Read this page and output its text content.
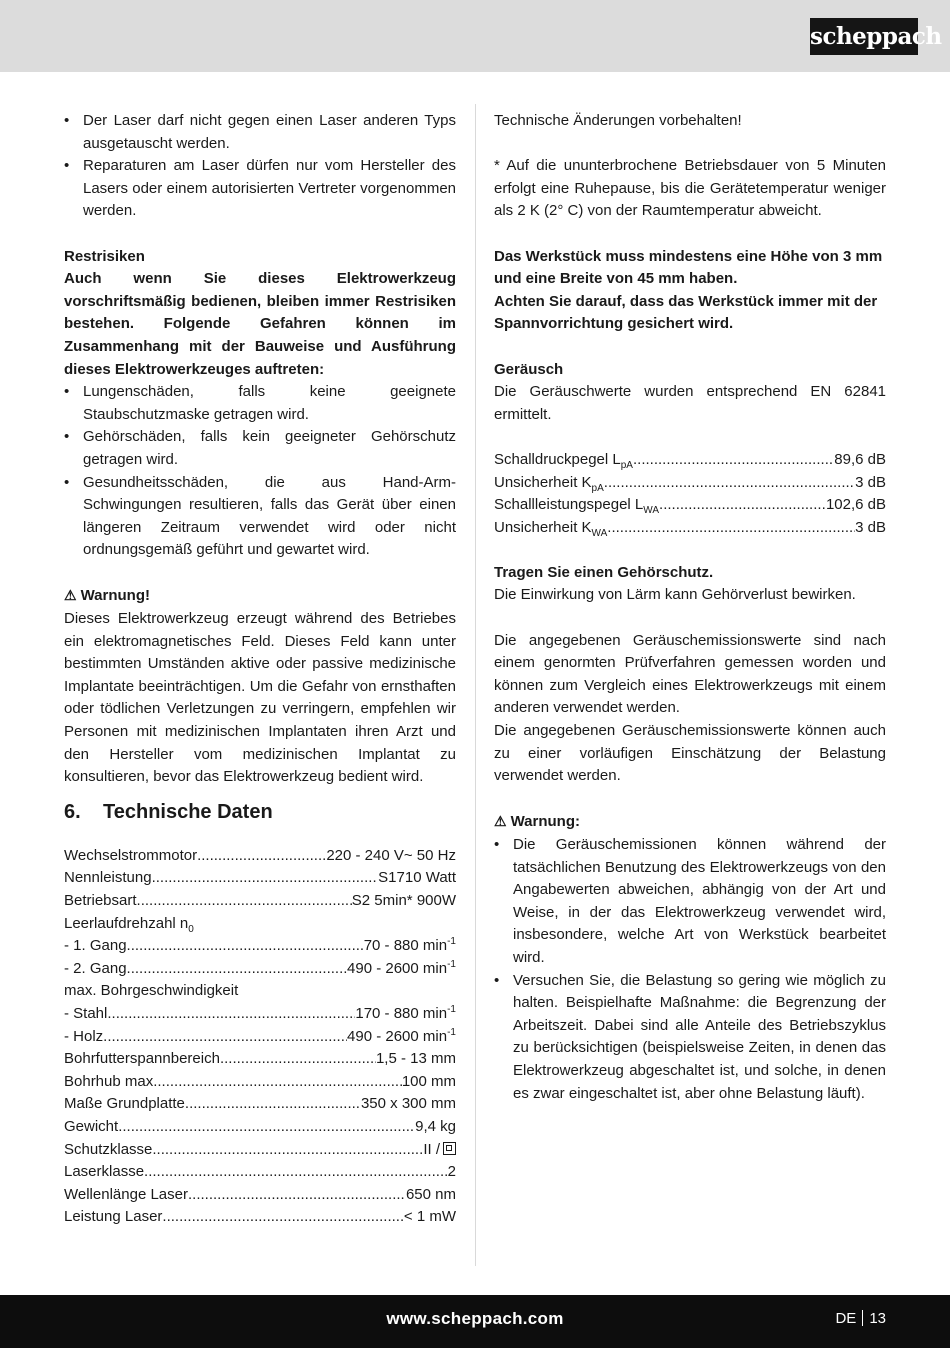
scheppach
• Der Laser darf nicht gegen einen Laser anderen Typs ausgetauscht werden.
• Reparaturen am Laser dürfen nur vom Hersteller des Lasers oder einem autorisierten Vertreter vorgenommen werden.

Restrisiken

Auch wenn Sie dieses Elektrowerkzeug vorschriftsmäßig bedienen, bleiben immer Restrisiken bestehen. Folgende Gefahren können im Zusammenhang mit der Bauweise und Ausführung dieses Elektrowerkzeuges auftreten:

• Lungenschäden, falls keine geeignete Staubschutzmaske getragen wird.
• Gehörschäden, falls kein geeigneter Gehörschutz getragen wird.
• Gesundheitsschäden, die aus Hand-Arm-Schwingungen resultieren, falls das Gerät über einen längeren Zeitraum verwendet wird oder nicht ordnungsgemäß geführt und gewartet wird.

⚠ Warnung!

Dieses Elektrowerkzeug erzeugt während des Betriebes ein elektromagnetisches Feld. Dieses Feld kann unter bestimmten Umständen aktive oder passive medizinische Implantate beeinträchtigen. Um die Gefahr von ernsthaften oder tödlichen Verletzungen zu verringern, empfehlen wir Personen mit medizinischen Implantaten ihren Arzt und den Hersteller vom medizinischen Implantat zu konsultieren, bevor das Elektrowerkzeug bedient wird.

6.	Technische Daten
Wechselstrommotor .....	220 - 240 V~ 50 Hz
Nennleistung .....	S1710 Watt
Betriebsart .....	S2 5min* 900W
Leerlaufdrehzahl $n_0$
- 1. Gang .....	70 - 880 $\min^{-1}$
- 2. Gang .....	490 - 2600 $\min^{-1}$
max. Bohrgeschwindigkeit
- Stahl .....	170 - 880 $\min^{-1}$
- Holz .....	490 - 2600 $\min^{-1}$
Bohrfutterspannbereich .....	1,5 - 13 mm
Bohrhub max .....	100 mm
Maße Grundplatte .....	350 x 300 mm
Gewicht .....	9,4 kg
Schutzklasse .....	II /
Laserklasse .....	2
Wellenlänge Laser .....	650 nm
Leistung Laser .....	< 1 mW

Technische Änderungen vorbehalten!

* Auf die ununterbrochene Betriebsdauer von 5 Minuten erfolgt eine Ruhepause, bis die Gerätetemperatur weniger als 2 K (2° C) von der Raumtemperatur abweicht.

Das Werkstück muss mindestens eine Höhe von 3 mm und eine Breite von 45 mm haben.

Achten Sie darauf, dass das Werkstück immer mit der Spannvorrichtung gesichert wird.

Geräusch

Die Geräuschwerte wurden entsprechend EN 62841 ermittelt.

Schalldruckpegel $L_{pA}$ .....	89,6 dB
Unsicherheit $K_{pA}$ .....	3 dB
Schallleistungspegel $L_{WA}$ .....	102,6 dB
Unsicherheit $K_{WA}$ .....	3 dB

Tragen Sie einen Gehörschutz.

Die Einwirkung von Lärm kann Gehörverlust bewirken.

Die angegebenen Geräuschemissionswerte sind nach einem genormten Prüfverfahren gemessen worden und können zum Vergleich eines Elektrowerkzeugs mit einem anderen verwendet werden.

Die angegebenen Geräuschemissionswerte können auch zu einer vorläufigen Einschätzung der Belastung verwendet werden.

⚠ Warnung:

• Die Geräuschemissionen können während der tatsächlichen Benutzung des Elektrowerkzeugs von den Angabewerten abweichen, abhängig von der Art und Weise, in der das Elektrowerkzeug verwendet wird, insbesondere, welche Art von Werkstück bearbeitet wird.
• Versuchen Sie, die Belastung so gering wie möglich zu halten. Beispielhafte Maßnahme: die Begrenzung der Arbeitszeit. Dabei sind alle Anteile des Betriebszyklus zu berücksichtigen (beispielsweise Zeiten, in denen das Elektrowerkzeug abgeschaltet ist, und solche, in denen es zwar eingeschaltet ist, aber ohne Belastung läuft).
www.scheppach.com	DE 13
